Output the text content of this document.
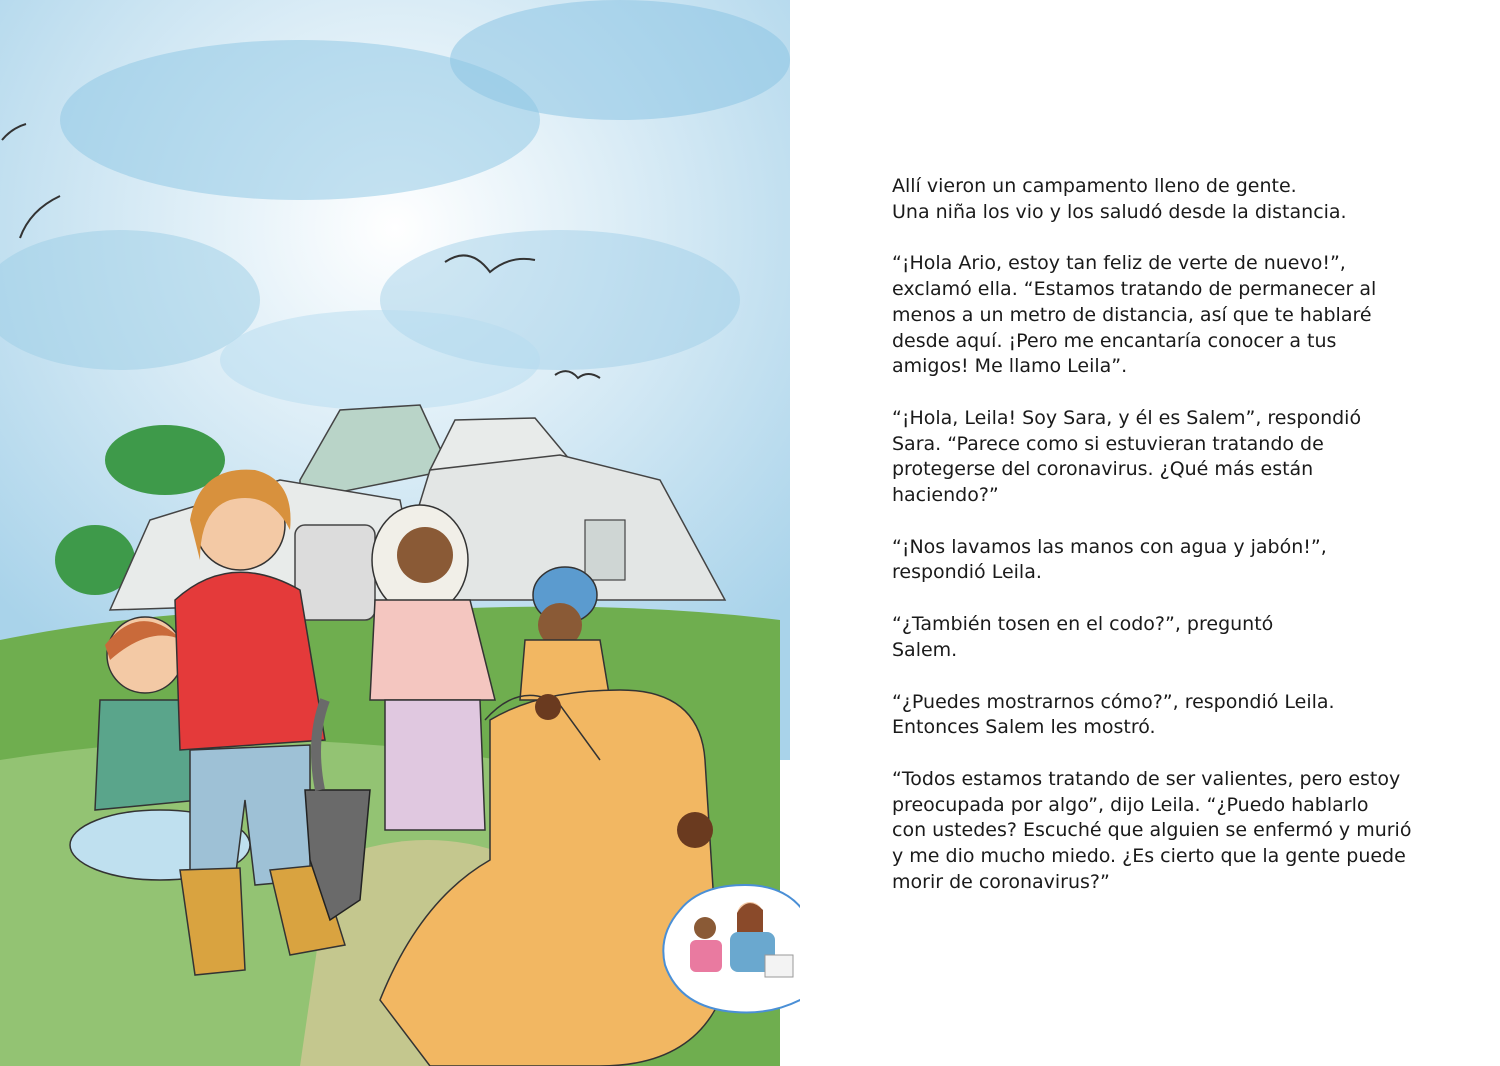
Allí vieron un campamento lleno de gente.
Una niña los vio y los saludó desde la distancia.

“¡Hola Ario, estoy tan feliz de verte de nuevo!”,
exclamó ella. “Estamos tratando de permanecer al
menos a un metro de distancia, así que te hablaré
desde aquí. ¡Pero me encantaría conocer a tus
amigos! Me llamo Leila”.

“¡Hola, Leila! Soy Sara, y él es Salem”, respondió
Sara. “Parece como si estuvieran tratando de
protegerse del coronavirus. ¿Qué más están
haciendo?”

“¡Nos lavamos las manos con agua y jabón!”,
respondió Leila.

“¿También tosen en el codo?”, preguntó
Salem.

“¿Puedes mostrarnos cómo?”, respondió Leila.
Entonces Salem les mostró.

“Todos estamos tratando de ser valientes, pero estoy
preocupada por algo”, dijo Leila. “¿Puedo hablarlo
con ustedes? Escuché que alguien se enfermó y murió
y me dio mucho miedo. ¿Es cierto que la gente puede
morir de coronavirus?”
